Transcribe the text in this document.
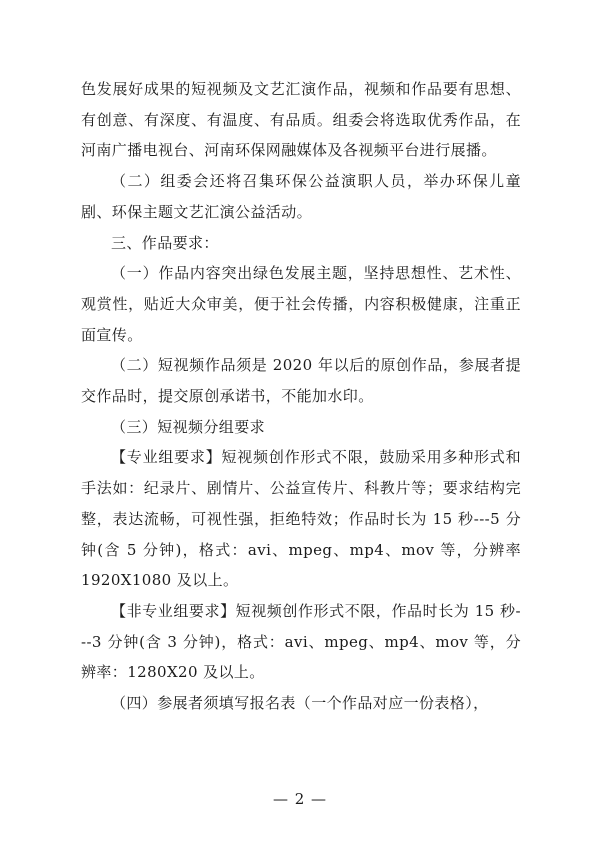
色发展好成果的短视频及文艺汇演作品，视频和作品要有思想、有创意、有深度、有温度、有品质。组委会将选取优秀作品，在河南广播电视台、河南环保网融媒体及各视频平台进行展播。

（二）组委会还将召集环保公益演职人员，举办环保儿童剧、环保主题文艺汇演公益活动。

三、作品要求：

（一）作品内容突出绿色发展主题，坚持思想性、艺术性、观赏性，贴近大众审美，便于社会传播，内容积极健康，注重正面宣传。

（二）短视频作品须是 2020 年以后的原创作品，参展者提交作品时，提交原创承诺书，不能加水印。

（三）短视频分组要求

【专业组要求】短视频创作形式不限，鼓励采用多种形式和手法如：纪录片、剧情片、公益宣传片、科教片等；要求结构完整，表达流畅，可视性强，拒绝特效；作品时长为 15 秒---5 分钟(含 5 分钟)，格式：avi、mpeg、mp4、mov 等，分辨率 1920X1080 及以上。

【非专业组要求】短视频创作形式不限，作品时长为 15 秒---3 分钟(含 3 分钟)，格式：avi、mpeg、mp4、mov 等，分辨率：1280X20 及以上。

（四）参展者须填写报名表（一个作品对应一份表格），

— 2 —
